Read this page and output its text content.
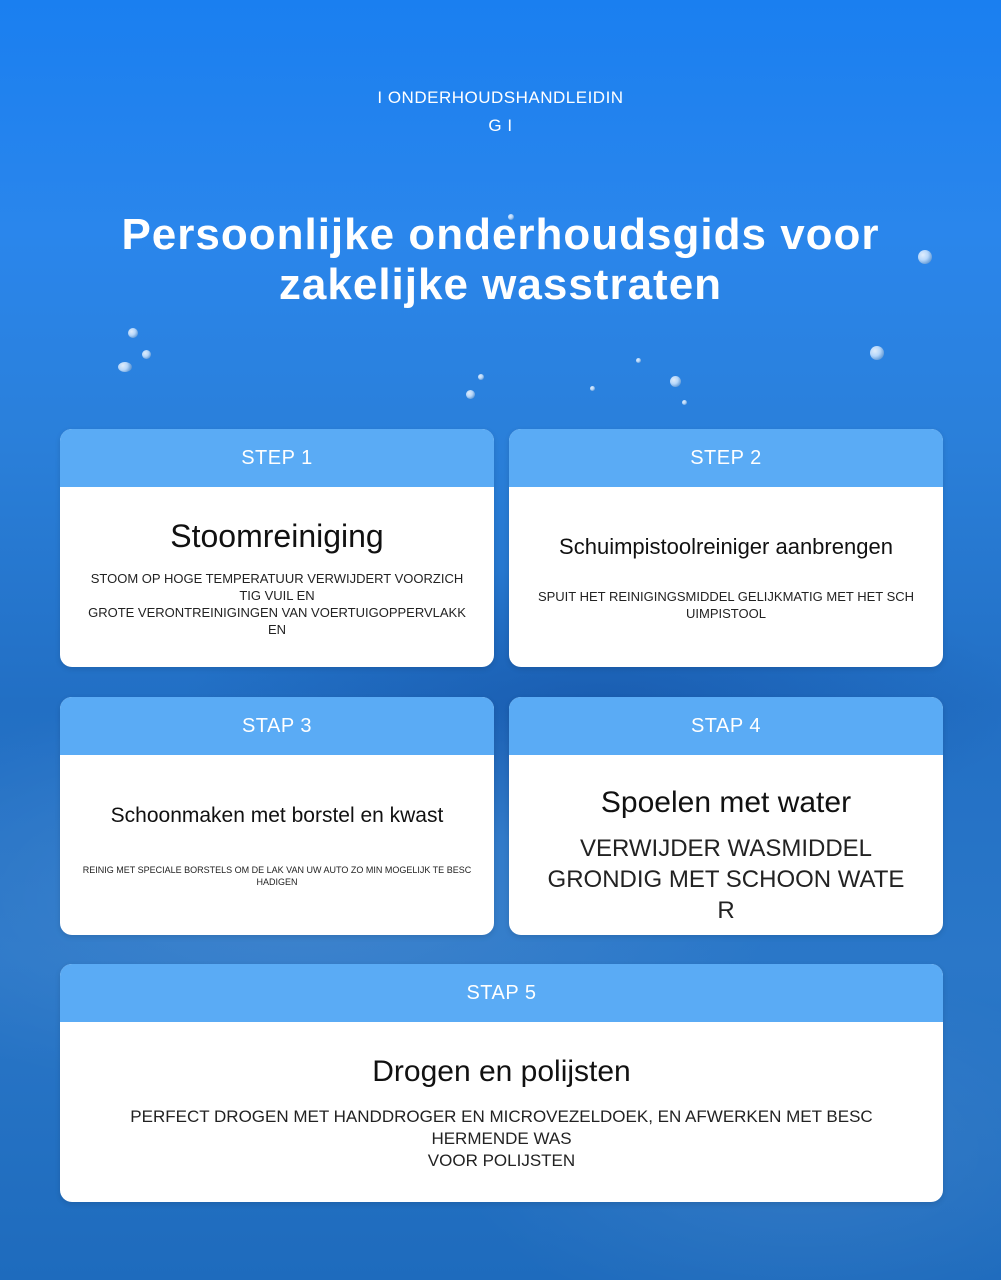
I ONDERHOUDSHANDLEIDIN
G I
Persoonlijke onderhoudsgids voor zakelijke wasstraten
STEP 1
Stoomreiniging
STOOM OP HOGE TEMPERATUUR VERWIJDERT VOORZICH
TIG VUIL EN
GROTE VERONTREINIGINGEN VAN VOERTUIGOPPERVLAKK
EN
STEP 2
Schuimpistoolreiniger aanbrengen
SPUIT HET REINIGINGSMIDDEL GELIJKMATIG MET HET SCH
UIMPISTOOL
STAP 3
Schoonmaken met borstel en kwast
REINIG MET SPECIALE BORSTELS OM DE LAK VAN UW AUTO ZO MIN MOGELIJK TE BESC
HADIGEN
STAP 4
Spoelen met water
VERWIJDER WASMIDDEL
GRONDIG MET SCHOON WATE
R
STAP 5
Drogen en polijsten
PERFECT DROGEN MET HANDDROGER EN MICROVEZELDOEK, EN AFWERKEN MET BESC
HERMENDE WAS
VOOR POLIJSTEN
